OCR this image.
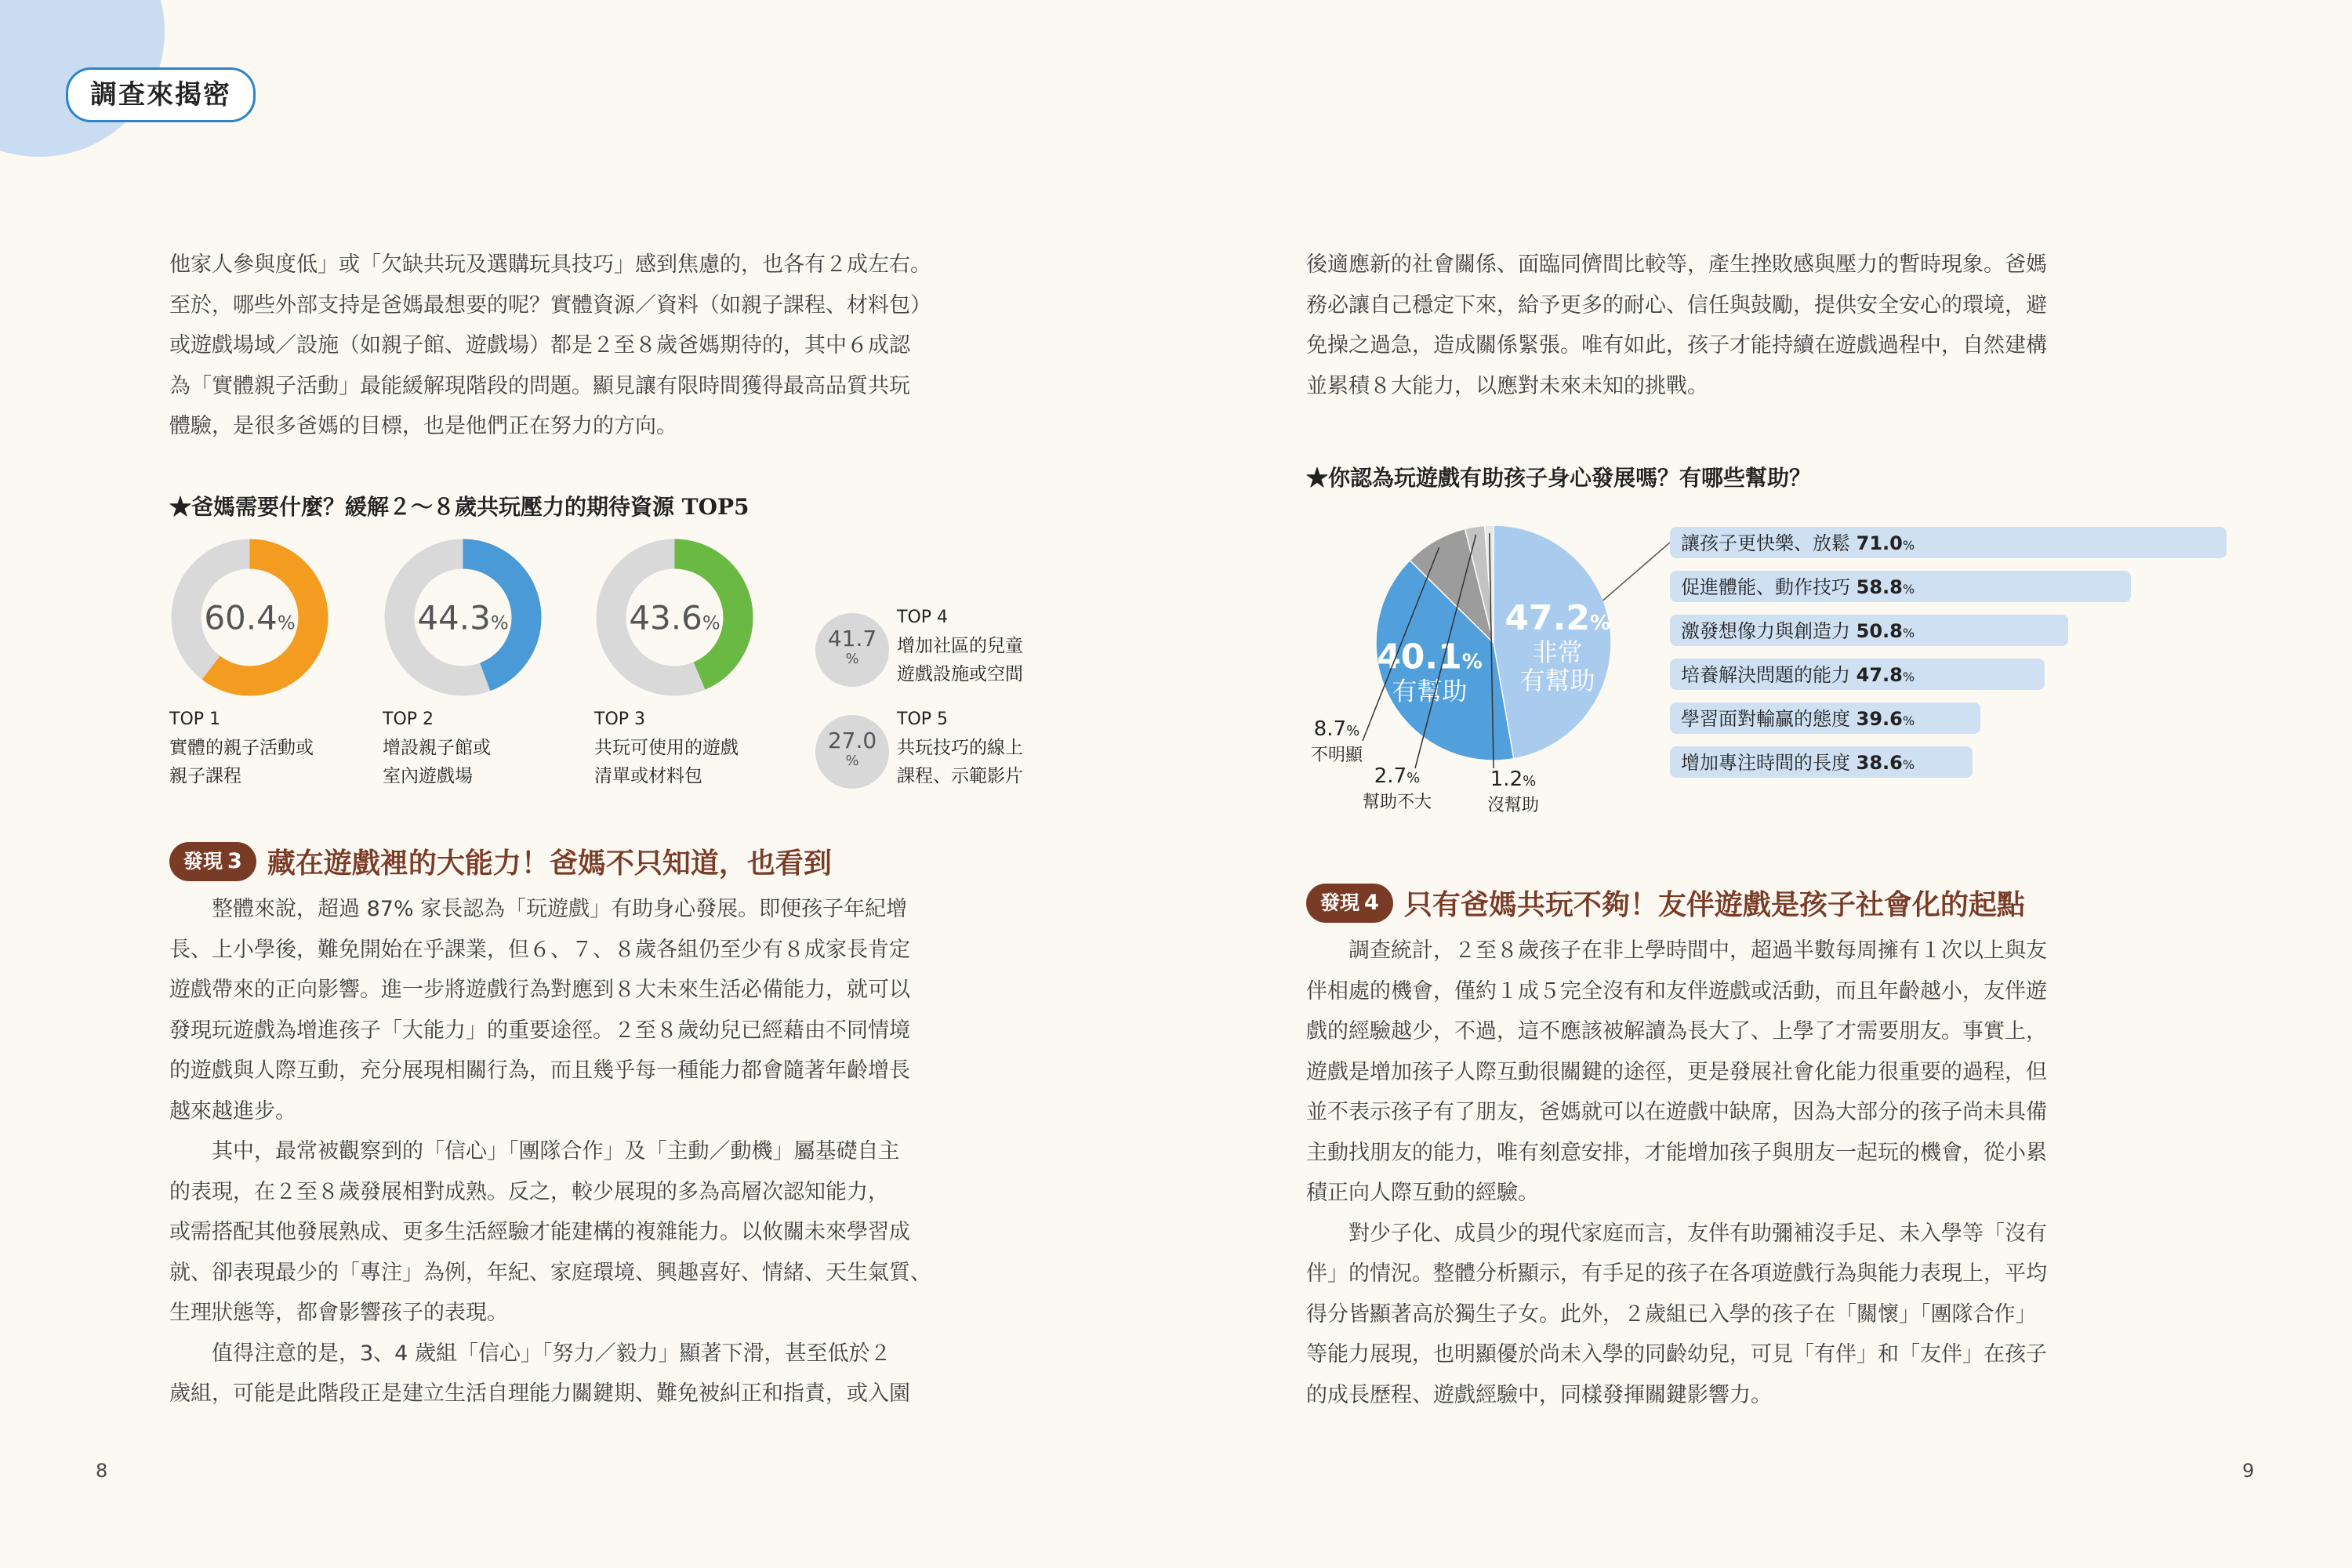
調查來揭密

他家人參與度低」或「欠缺共玩及選購玩具技巧」感到焦慮的，也各有２成左右。

至於，哪些外部支持是爸媽最想要的呢？實體資源／資料（如親子課程、材料包）

或遊戲場域／設施（如親子館、遊戲場）都是２至８歲爸媽期待的，其中６成認

為「實體親子活動」最能緩解現階段的問題。顯見讓有限時間獲得最高品質共玩

體驗，是很多爸媽的目標，也是他們正在努力的方向。

★爸媽需要什麼？緩解２～８歲共玩壓力的期待資源 TOP5
60.4%
TOP 1
實體的親子活動或
親子課程
44.3%
TOP 2
增設親子館或
室內遊戲場
43.6%
TOP 3
共玩可使用的遊戲
清單或材料包
41.7
%
TOP 4
增加社區的兒童
遊戲設施或空間
27.0
%
TOP 5
共玩技巧的線上
課程、示範影片
發現 3 藏在遊戲裡的大能力！爸媽不只知道，也看到

整體來說，超過 87% 家長認為「玩遊戲」有助身心發展。即便孩子年紀增

長、上小學後，難免開始在乎課業，但６、７、８歲各組仍至少有８成家長肯定

遊戲帶來的正向影響。進一步將遊戲行為對應到８大未來生活必備能力，就可以

發現玩遊戲為增進孩子「大能力」的重要途徑。２至８歲幼兒已經藉由不同情境

的遊戲與人際互動，充分展現相關行為，而且幾乎每一種能力都會隨著年齡增長

越來越進步。

其中，最常被觀察到的「信心」「團隊合作」及「主動／動機」屬基礎自主

的表現，在２至８歲發展相對成熟。反之，較少展現的多為高層次認知能力，

或需搭配其他發展熟成、更多生活經驗才能建構的複雜能力。以攸關未來學習成

就、卻表現最少的「專注」為例，年紀、家庭環境、興趣喜好、情緒、天生氣質、

生理狀態等，都會影響孩子的表現。

值得注意的是，3、4 歲組「信心」「努力／毅力」顯著下滑，甚至低於２

歲組，可能是此階段正是建立生活自理能力關鍵期、難免被糾正和指責，或入園

8

後適應新的社會關係、面臨同儕間比較等，產生挫敗感與壓力的暫時現象。爸媽

務必讓自己穩定下來，給予更多的耐心、信任與鼓勵，提供安全安心的環境，避

免操之過急，造成關係緊張。唯有如此，孩子才能持續在遊戲過程中，自然建構

並累積８大能力，以應對未來未知的挑戰。

★你認為玩遊戲有助孩子身心發展嗎？有哪些幫助？
47.2%
非常
有幫助
40.1%
有幫助
8.7%
不明顯
2.7%
幫助不大
1.2%
沒幫助
讓孩子更快樂、放鬆 71.0%
促進體能、動作技巧 58.8%
激發想像力與創造力 50.8%
培養解決問題的能力 47.8%
學習面對輸贏的態度 39.6%
增加專注時間的長度 38.6%
發現 4 只有爸媽共玩不夠！友伴遊戲是孩子社會化的起點

調查統計，２至８歲孩子在非上學時間中，超過半數每周擁有１次以上與友

伴相處的機會，僅約１成５完全沒有和友伴遊戲或活動，而且年齡越小，友伴遊

戲的經驗越少，不過，這不應該被解讀為長大了、上學了才需要朋友。事實上，

遊戲是增加孩子人際互動很關鍵的途徑，更是發展社會化能力很重要的過程，但

並不表示孩子有了朋友，爸媽就可以在遊戲中缺席，因為大部分的孩子尚未具備

主動找朋友的能力，唯有刻意安排，才能增加孩子與朋友一起玩的機會，從小累

積正向人際互動的經驗。

對少子化、成員少的現代家庭而言，友伴有助彌補沒手足、未入學等「沒有

伴」的情況。整體分析顯示，有手足的孩子在各項遊戲行為與能力表現上，平均

得分皆顯著高於獨生子女。此外，２歲組已入學的孩子在「關懷」「團隊合作」

等能力展現，也明顯優於尚未入學的同齡幼兒，可見「有伴」和「友伴」在孩子

的成長歷程、遊戲經驗中，同樣發揮關鍵影響力。

9
